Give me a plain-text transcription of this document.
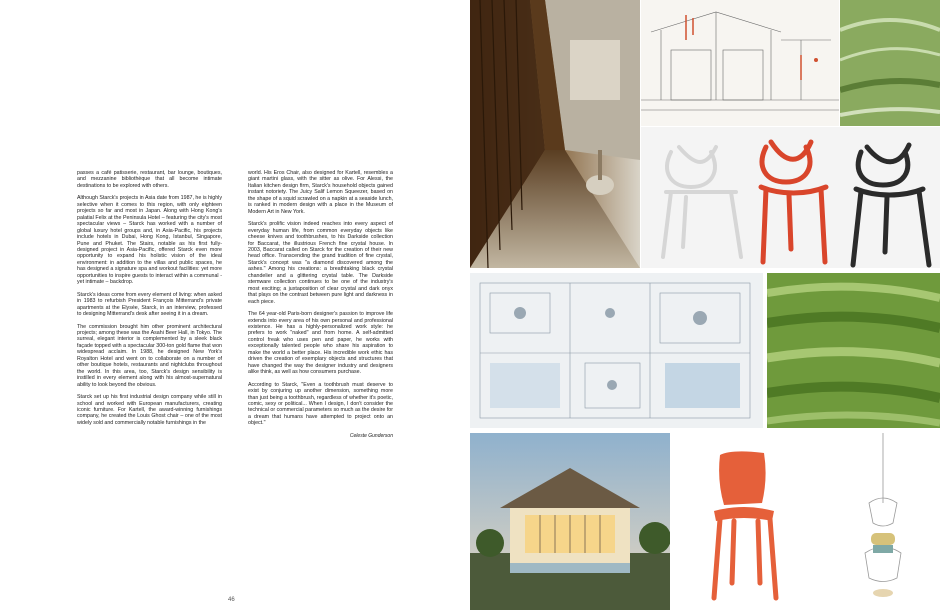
passes a café patisserie, restaurant, bar lounge, boutiques, and mezzanine bibliothèque that all become intimate destinations to be explored with others.

Although Starck's projects in Asia date from 1987, he is highly selective when it comes to this region, with only eighteen projects so far and most in Japan. Along with Hong Kong's palatial Felix at the Peninsula Hotel – featuring the city's most spectacular views – Starck has worked with a number of global luxury hotel groups and, in Asia-Pacific, his projects include hotels in Dubai, Hong Kong, Istanbul, Singapore, Pune and Phuket. The Stairs, notable as his first fully-designed project in Asia-Pacific, offered Starck even more opportunity to expand his holistic vision of the ideal environment: in addition to the villas and public spaces, he has designed a signature spa and workout facilities: yet more opportunities to inspire guests to interact within a communal - yet intimate – backdrop.

Starck's ideas come from every element of living: when asked in 1983 to refurbish President François Mitterrand's private apartments at the Elysée, Starck, in an interview, professed to designing Mitterrand's desk after seeing it in a dream.

The commission brought him other prominent architectural projects; among these was the Asahi Beer Hall, in Tokyo. The surreal, elegant interior is complemented by a sleek black façade topped with a spectacular 300-ton gold flame that won widespread acclaim. In 1988, he designed New York's Royalton Hotel and went on to collaborate on a number of other boutique hotels, restaurants and nightclubs throughout the world. In this area, too, Starck's design sensibility is instilled in every element along with his almost-supernatural ability to look beyond the obvious.

Starck set up his first industrial design company while still in school and worked with European manufacturers, creating iconic furniture. For Kartell, the award-winning furnishings company, he created the Louis Ghost chair – one of the most widely sold and commercially notable furnishings in the

world. His Eros Chair, also designed for Kartell, resembles a giant martini glass, with the sitter as olive. For Alessi, the Italian kitchen design firm, Starck's household objects gained instant notoriety. The Juicy Salif Lemon Squeezer, based on the shape of a squid scrawled on a napkin at a seaside lunch, is ranked in modern design with a place in the Museum of Modern Art in New York.

Starck's prolific vision indeed reaches into every aspect of everyday human life, from common everyday objects like cheese knives and toothbrushes, to his Darkside collection for Baccarat, the illustrious French fine crystal house. In 2003, Baccarat called on Starck for the creation of their new head office. Transcending the grand tradition of fine crystal, Starck's concept was "a diamond discovered among the ashes." Among his creations: a breathtaking black crystal chandelier and a glittering crystal table. The Darkside stemware collection continues to be one of the industry's most exciting; a juxtaposition of clear crystal and dark onyx that plays on the contrast between pure light and darkness in each piece.

The 64 year-old Paris-born designer's passion to improve life extends into every area of his own personal and professional existence. He has a highly-personalized work style: he prefers to work "naked" and from home. A self-admitted control freak who uses pen and paper, he works with exceptionally talented people who share his aspiration to make the world a better place. His incredible work ethic has driven the creation of exemplary objects and structures that have changed the way the designer industry and designers alike think, as well as how consumers purchase.

According to Starck, "Even a toothbrush must deserve to exist by conjuring up another dimension, something more than just being a toothbrush, regardless of whether it's poetic, comic, sexy or political... When I design, I don't consider the technical or commercial parameters so much as the desire for a dream that humans have attempted to project onto an object."

Celeste Gunderson
46
